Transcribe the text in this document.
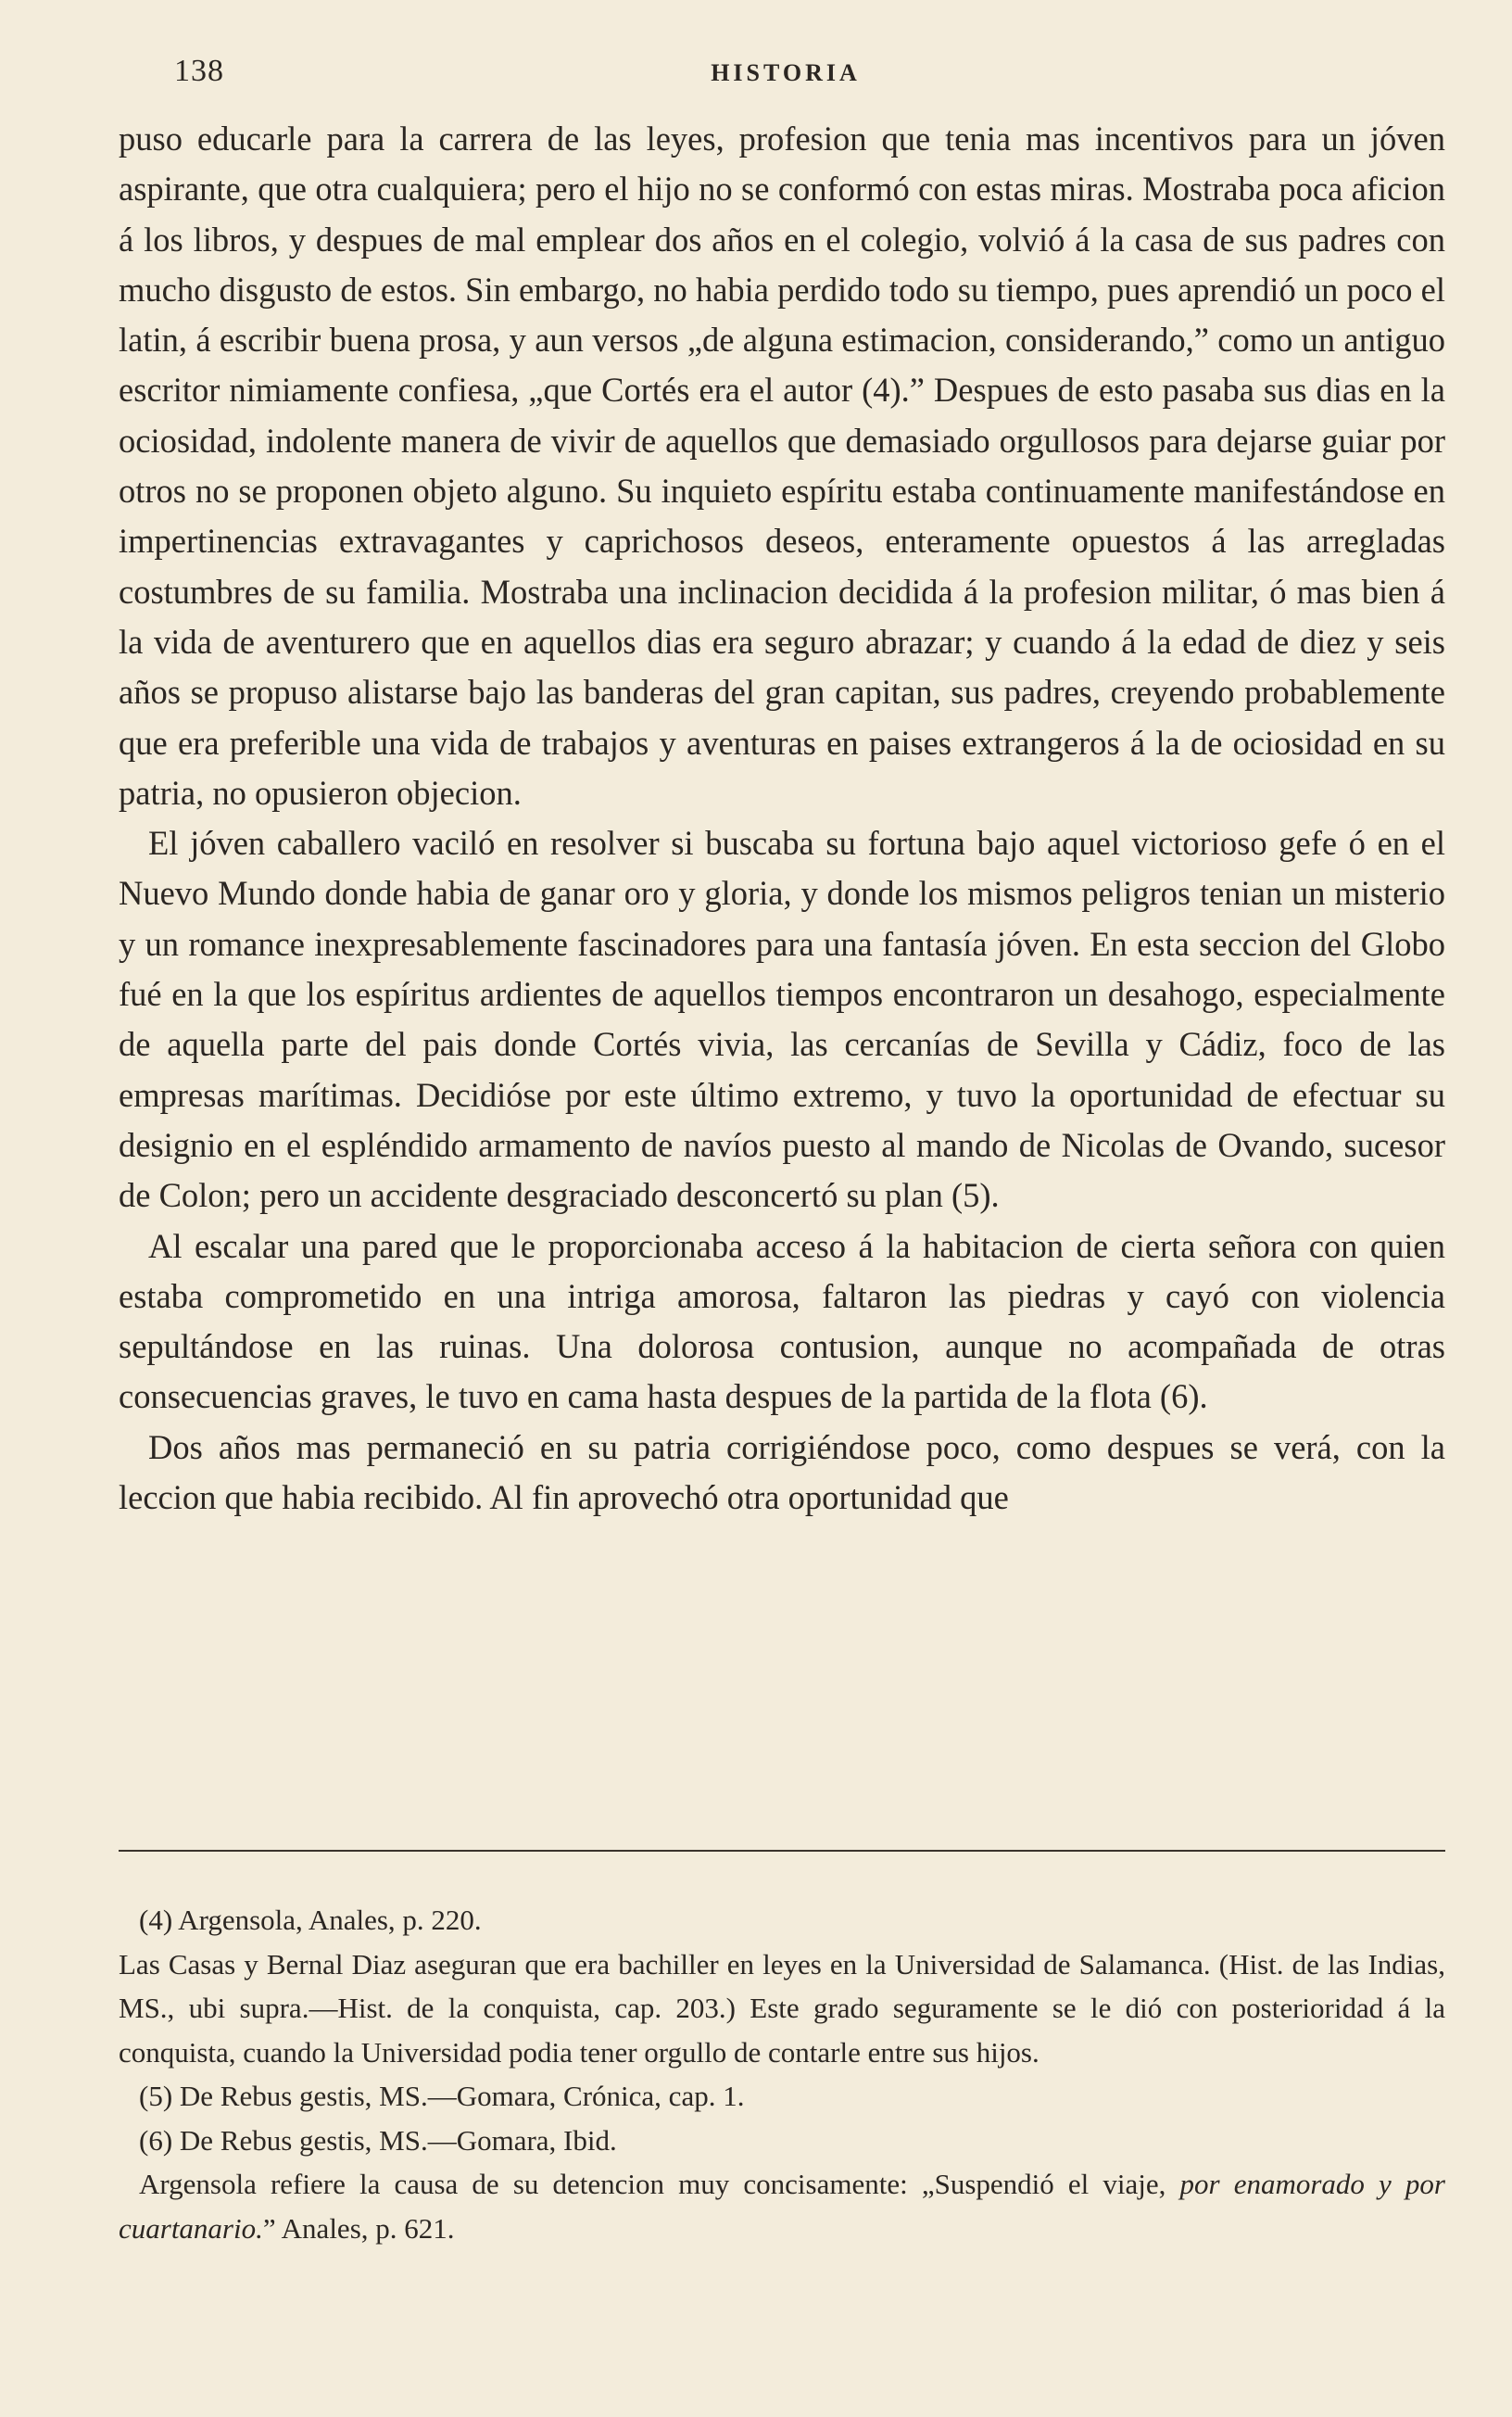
138	HISTORIA

puso educarle para la carrera de las leyes, profesion que tenia mas incentivos para un jóven aspirante, que otra cualquiera; pero el hijo no se conformó con estas miras. Mostraba poca aficion á los libros, y despues de mal emplear dos años en el colegio, volvió á la casa de sus padres con mucho disgusto de estos. Sin embargo, no habia perdido todo su tiempo, pues aprendió un poco el latin, á escribir buena prosa, y aun versos „de alguna estimacion, considerando,” como un antiguo escritor nimiamente confiesa, „que Cortés era el autor (4).” Despues de esto pasaba sus dias en la ociosidad, indolente manera de vivir de aquellos que demasiado orgullosos para dejarse guiar por otros no se proponen objeto alguno. Su inquieto espíritu estaba continuamente manifestándose en impertinencias extravagantes y caprichosos deseos, enteramente opuestos á las arregladas costumbres de su familia. Mostraba una inclinacion decidida á la profesion militar, ó mas bien á la vida de aventurero que en aquellos dias era seguro abrazar; y cuando á la edad de diez y seis años se propuso alistarse bajo las banderas del gran capitan, sus padres, creyendo probablemente que era preferible una vida de trabajos y aventuras en paises extrangeros á la de ociosidad en su patria, no opusieron objecion.

El jóven caballero vaciló en resolver si buscaba su fortuna bajo aquel victorioso gefe ó en el Nuevo Mundo donde habia de ganar oro y gloria, y donde los mismos peligros tenian un misterio y un romance inexpresablemente fascinadores para una fantasía jóven. En esta seccion del Globo fué en la que los espíritus ardientes de aquellos tiempos encontraron un desahogo, especialmente de aquella parte del pais donde Cortés vivia, las cercanías de Sevilla y Cádiz, foco de las empresas marítimas. Decidióse por este último extremo, y tuvo la oportunidad de efectuar su designio en el espléndido armamento de navíos puesto al mando de Nicolas de Ovando, sucesor de Colon; pero un accidente desgraciado desconcertó su plan (5).

Al escalar una pared que le proporcionaba acceso á la habitacion de cierta señora con quien estaba comprometido en una intriga amorosa, faltaron las piedras y cayó con violencia sepultándose en las ruinas. Una dolorosa contusion, aunque no acompañada de otras consecuencias graves, le tuvo en cama hasta despues de la partida de la flota (6).

Dos años mas permaneció en su patria corrigiéndose poco, como despues se verá, con la leccion que habia recibido. Al fin aprovechó otra oportunidad que

(4) Argensola, Anales, p. 220.

Las Casas y Bernal Diaz aseguran que era bachiller en leyes en la Universidad de Salamanca. (Hist. de las Indias, MS., ubi supra.—Hist. de la conquista, cap. 203.) Este grado seguramente se le dió con posterioridad á la conquista, cuando la Universidad podia tener orgullo de contarle entre sus hijos.

(5) De Rebus gestis, MS.—Gomara, Crónica, cap. 1.

(6) De Rebus gestis, MS.—Gomara, Ibid.

Argensola refiere la causa de su detencion muy concisamente: „Suspendió el viaje, por enamorado y por cuartanario.” Anales, p. 621.
